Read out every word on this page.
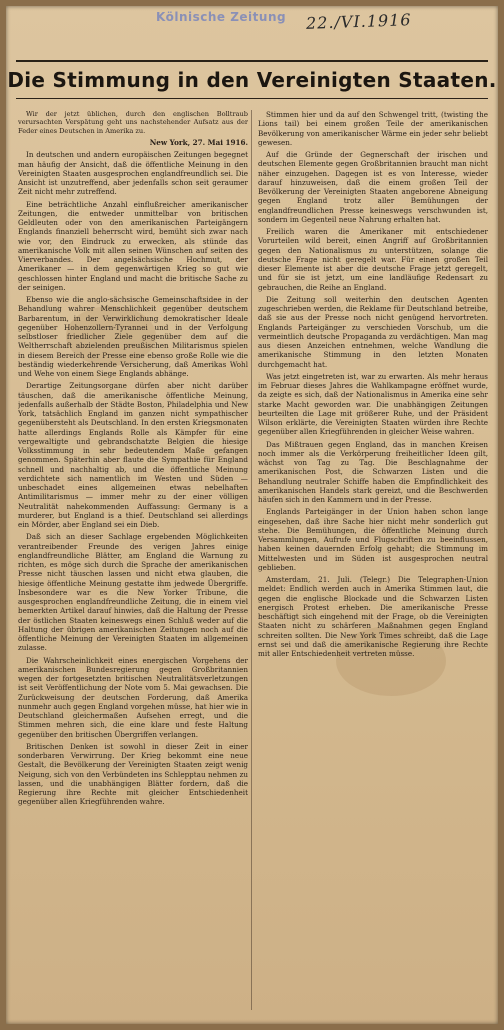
Kölnische Zeitung 22./VI.1916
Die Stimmung in den Vereinigten Staaten.

Wir der jetzt üblichen, durch den englischen Bolltraub verursachten Verspätung geht uns nachstehender Aufsatz aus der Feder eines Deutschen in Amerika zu.

New York, 27. Mai 1916.

In deutschen und andern europäischen Zeitungen begegnet man häufig der Ansicht, daß die öffentliche Meinung in den Vereinigten Staaten ausgesprochen englandfreundlich sei. Die Ansicht ist unzutreffend, aber jedenfalls schon seit geraumer Zeit nicht mehr zutreffend.

Eine beträchtliche Anzahl einflußreicher amerikanischer Zeitungen, die entweder unmittelbar von britischen Geldleuten oder von den amerikanischen Parteigängern Englands finanziell beherrscht wird, bemüht sich zwar nach wie vor, den Eindruck zu erwecken, als stünde das amerikanische Volk mit allen seinen Wünschen auf seiten des Vierverbandes. Der angelsächsische Hochmut, der Amerikaner — in dem gegenwärtigen Krieg so gut wie geschlossen hinter England und macht die britische Sache zu der seinigen.

Ebenso wie die anglo-sächsische Gemeinschaftsidee in der Behandlung wahrer Menschlichkeit gegenüber deutschem Barbarentum, in der Verwirklichung demokratischer Ideale gegenüber Hohenzollern-Tyrannei und in der Verfolgung selbstloser friedlicher Ziele gegenüber dem auf die Weltherrschaft abzielenden preußischen Militarismus spielen in diesem Bereich der Presse eine ebenso große Rolle wie die beständig wiederkehrende Versicherung, daß Amerikas Wohl und Wehe von einem Siege Englands abhänge.

Derartige Zeitungsorgane dürfen aber nicht darüber täuschen, daß die amerikanische öffentliche Meinung, jedenfalls außerhalb der Städte Boston, Philadelphia und New York, tatsächlich England im ganzen nicht sympathischer gegenübersteht als Deutschland. In den ersten Kriegsmonaten hatte allerdings Englands Rolle als Kämpfer für eine vergewaltigte und gebrandschatzte Belgien die hiesige Volksstimmung in sehr bedeutendem Maße gefangen genommen. Späterhin aber flaute die Sympathie für England schnell und nachhaltig ab, und die öffentliche Meinung verdichtete sich namentlich im Westen und Süden — unbeschadet eines allgemeinen etwas nebelhaften Antimilitarismus — immer mehr zu der einer völligen Neutralität nahekommenden Auffassung: Germany is a murderer, but England is a thief. Deutschland sei allerdings ein Mörder, aber England sei ein Dieb.

Daß sich an dieser Sachlage ergebenden Möglichkeiten verantreibender Freunde des verigen Jahres einige englandfreundliche Blätter, am England die Warnung zu richten, es möge sich durch die Sprache der amerikanischen Presse nicht täuschen lassen und nicht etwa glauben, die hiesige öffentliche Meinung gestatte ihm jedwede Übergriffe. Insbesondere war es die New Yorker Tribune, die ausgesprochen englandfreundliche Zeitung, die in einem viel bemerkten Artikel darauf hinwies, daß die Haltung der Presse der östlichen Staaten keineswegs einen Schluß weder auf die Haltung der übrigen amerikanischen Zeitungen noch auf die öffentliche Meinung der Vereinigten Staaten im allgemeinen zulasse.

Die Wahrscheinlichkeit eines energischen Vorgehens der amerikanischen Bundesregierung gegen Großbritannien wegen der fortgesetzten britischen Neutralitätsverletzungen ist seit Veröffentlichung der Note vom 5. Mai gewachsen. Die Zurückweisung der deutschen Forderung, daß Amerika nunmehr auch gegen England vorgehen müsse, hat hier wie in Deutschland gleichermaßen Aufsehen erregt, und die Stimmen mehren sich, die eine klare und feste Haltung gegenüber den britischen Übergriffen verlangen.

Britischen Denken ist sowohl in dieser Zeit in einer sonderbaren Verwirrung. Der Krieg bekommt eine neue Gestalt, die Bevölkerung der Vereinigten Staaten zeigt wenig Neigung, sich von den Verbündeten ins Schlepptau nehmen zu lassen, und die unabhängigen Blätter fordern, daß die Regierung ihre Rechte mit gleicher Entschiedenheit gegenüber allen Kriegführenden wahre.

Stimmen hier und da auf den Schwengel tritt, (twisting the Lions tail) bei einem großen Teile der amerikanischen Bevölkerung von amerikanischer Wärme ein jeder sehr beliebt gewesen.

Auf die Gründe der Gegnerschaft der irischen und deutschen Elemente gegen Großbritannien braucht man nicht näher einzugehen. Dagegen ist es von Interesse, wieder darauf hinzuweisen, daß die einem großen Teil der Bevölkerung der Vereinigten Staaten angeborene Abneigung gegen England trotz aller Bemühungen der englandfreundlichen Presse keineswegs verschwunden ist, sondern im Gegenteil neue Nahrung erhalten hat.

Freilich waren die Amerikaner mit entschiedener Vorurteilen wild bereit, einen Angriff auf Großbritannien gegen den Nationalismus zu unterstützen, solange die deutsche Frage nicht geregelt war. Für einen großen Teil dieser Elemente ist aber die deutsche Frage jetzt geregelt, und für sie ist jetzt, um eine landläufige Redensart zu gebrauchen, die Reihe an England.

Die Zeitung soll weiterhin den deutschen Agenten zugeschrieben werden, die Reklame für Deutschland betreibe, daß sie aus der Presse noch nicht genügend hervortreten. Englands Parteigänger zu verschieden Vorschub, um die vermeintlich deutsche Propaganda zu verdächtigen. Man mag aus diesen Anzeichen entnehmen, welche Wandlung die amerikanische Stimmung in den letzten Monaten durchgemacht hat.

Was jetzt eingetreten ist, war zu erwarten. Als mehr heraus im Februar dieses Jahres die Wahlkampagne eröffnet wurde, da zeigte es sich, daß der Nationalismus in Amerika eine sehr starke Macht geworden war. Die unabhängigen Zeitungen beurteilten die Lage mit größerer Ruhe, und der Präsident Wilson erklärte, die Vereinigten Staaten würden ihre Rechte gegenüber allen Kriegführenden in gleicher Weise wahren.

Das Mißtrauen gegen England, das in manchen Kreisen noch immer als die Verkörperung freiheitlicher Ideen gilt, wächst von Tag zu Tag. Die Beschlagnahme der amerikanischen Post, die Schwarzen Listen und die Behandlung neutraler Schiffe haben die Empfindlichkeit des amerikanischen Handels stark gereizt, und die Beschwerden häufen sich in den Kammern und in der Presse.

Englands Parteigänger in der Union haben schon lange eingesehen, daß ihre Sache hier nicht mehr sonderlich gut stehe. Die Bemühungen, die öffentliche Meinung durch Versammlungen, Aufrufe und Flugschriften zu beeinflussen, haben keinen dauernden Erfolg gehabt; die Stimmung im Mittelwesten und im Süden ist ausgesprochen neutral geblieben.

Amsterdam, 21. Juli. (Telegr.) Die Telegraphen-Union meldet: Endlich werden auch in Amerika Stimmen laut, die gegen die englische Blockade und die Schwarzen Listen energisch Protest erheben. Die amerikanische Presse beschäftigt sich eingehend mit der Frage, ob die Vereinigten Staaten nicht zu schärferen Maßnahmen gegen England schreiten sollten. Die New York Times schreibt, daß die Lage ernst sei und daß die amerikanische Regierung ihre Rechte mit aller Entschiedenheit vertreten müsse.
